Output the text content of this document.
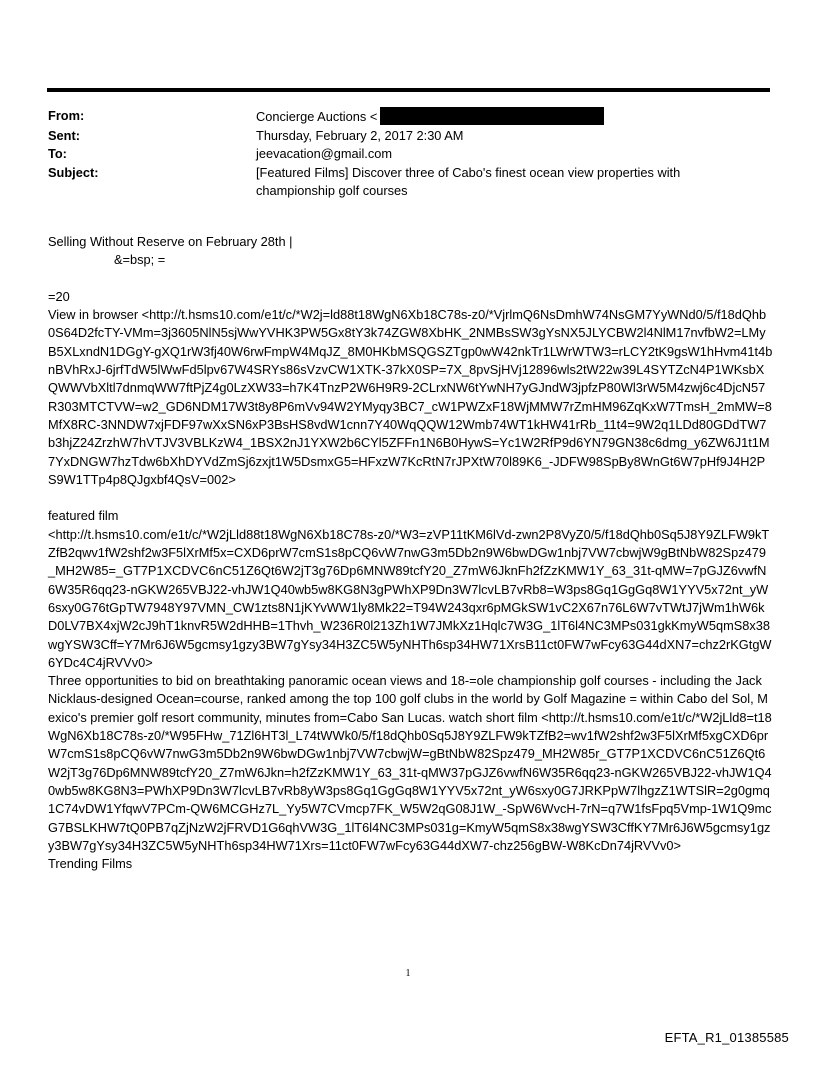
From:	Concierge Auctions <
Sent:	Thursday, February 2, 2017 2:30 AM
To:	jeevacation@gmail.com
Subject:	[Featured Films] Discover three of Cabo's finest ocean view properties with championship golf courses

Selling Without Reserve on February 28th |

&=bsp; =

=20

View in browser <http://t.hsms10.com/e1t/c/*W2j=ld88t18WgN6Xb18C78s-z0/*VjrlmQ6NsDmhW74NsGM7YyWNd0/5/f18dQhb0S64D2fcTY-VMm=3j3605NlN5sjWwYVHK3PW5Gx8tY3k74ZGW8XbHK_2NMBsSW3gYsNX5JLYCBW2l4NlM17nvfbW2=LMyB5XLxndN1DGgY-gXQ1rW3fj40W6rwFmpW4MqJZ_8M0HKbMSQGSZTgp0wW42nkTr1LWrWTW3=rLCY2tK9gsW1hHvm41t4bnBVhRxJ-6jrfTdW5lWwFd5lpv67W4SRYs86sVzvCW1XTK-37kX0SP=7X_8pvSjHVj12896wls2tW22w39L4SYTZcN4P1WKsbXQWWVbXltl7dnmqWW7ftPjZ4g0LzXW33=h7K4TnzP2W6H9R9-2CLrxNW6tYwNH7yGJndW3jpfzP80Wl3rW5M4zwj6c4DjcN57R303MTCTVW=w2_GD6NDM17W3t8y8P6mVv94W2YMyqy3BC7_cW1PWZxF18WjMMW7rZmHM96ZqKxW7TmsH_2mMW=8MfX8RC-3NNDW7xjFDF97wXxSN6xP3BsHS8vdW1cnn7Y40WqQQW12Wmb74WT1kHW41rRb_11t4=9W2q1LDd80GDdTW7b3hjZ24ZrzhW7hVTJV3VBLKzW4_1BSX2nJ1YXW2b6CYl5ZFFn1N6B0HywS=Yc1W2RfP9d6YN79GN38c6dmg_y6ZW6J1t1M7YxDNGW7hzTdw6bXhDYVdZmSj6zxjt1W5DsmxG5=HFxzW7KcRtN7rJPXtW70l89K6_-JDFW98SpBy8WnGt6W7pHf9J4H2PS9W1TTp4p8QJgxbf4QsV=002>

featured film

<http://t.hsms10.com/e1t/c/*W2jLld88t18WgN6Xb18C78s-z0/*W3=zVP11tKM6lVd-zwn2P8VyZ0/5/f18dQhb0Sq5J8Y9ZLFW9kTZfB2qwv1fW2shf2w3F5lXrMf5x=CXD6prW7cmS1s8pCQ6vW7nwG3m5Db2n9W6bwDGw1nbj7VW7cbwjW9gBtNbW82Spz479_MH2W85=_GT7P1XCDVC6nC51Z6Qt6W2jT3g76Dp6MNW89tcfY20_Z7mW6JknFh2fZzKMW1Y_63_31t-qMW=7pGJZ6vwfN6W35R6qq23-nGKW265VBJ22-vhJW1Q40wb5w8KG8N3gPWhXP9Dn3W7lcvLB7vRb8=W3ps8Gq1GgGq8W1YYV5x72nt_yW6sxy0G76tGpTW7948Y97VMN_CW1zts8N1jKYvWW1ly8Mk22=T94W243qxr6pMGkSW1vC2X67n76L6W7vTWtJ7jWm1hW6kD0LV7BX4xjW2cJ9hT1knvR5W2dHHB=1Thvh_W236R0l213Zh1W7JMkXz1Hqlc7W3G_1lT6l4NC3MPs031gkKmyW5qmS8x38wgYSW3Cff=Y7Mr6J6W5gcmsy1gzy3BW7gYsy34H3ZC5W5yNHTh6sp34HW71XrsB11ct0FW7wFcy63G44dXN7=chz2rKGtgW6YDc4C4jRVVv0>

Three opportunities to bid on breathtaking panoramic ocean views and 18-=ole championship golf courses - including the Jack Nicklaus-designed Ocean=course, ranked among the top 100 golf clubs in the world by Golf Magazine = within Cabo del Sol, Mexico's premier golf resort community, minutes from=Cabo San Lucas. watch short film <http://t.hsms10.com/e1t/c/*W2jLld8=t18WgN6Xb18C78s-z0/*W95FHw_71Zl6HT3l_L74tWWk0/5/f18dQhb0Sq5J8Y9ZLFW9kTZfB2=wv1fW2shf2w3F5lXrMf5xgCXD6prW7cmS1s8pCQ6vW7nwG3m5Db2n9W6bwDGw1nbj7VW7cbwjW=gBtNbW82Spz479_MH2W85r_GT7P1XCDVC6nC51Z6Qt6W2jT3g76Dp6MNW89tcfY20_Z7mW6Jkn=h2fZzKMW1Y_63_31t-qMW37pGJZ6vwfN6W35R6qq23-nGKW265VBJ22-vhJW1Q40wb5w8KG8N3=PWhXP9Dn3W7lcvLB7vRb8yW3ps8Gq1GgGq8W1YYV5x72nt_yW6sxy0G7JRKPpW7lhgzZ1WTSlR=2g0gmq1C74vDW1YfqwV7PCm-QW6MCGHz7L_Yy5W7CVmcp7FK_W5W2qG08J1W_-SpW6WvcH-7rN=q7W1fsFpq5Vmp-1W1Q9mcG7BSLKHW7tQ0PB7qZjNzW2jFRVD1G6qhVW3G_1lT6l4NC3MPs031g=KmyW5qmS8x38wgYSW3CffKY7Mr6J6W5gcmsy1gzy3BW7gYsy34H3ZC5W5yNHTh6sp34HW71Xrs=11ct0FW7wFcy63G44dXW7-chz256gBW-W8KcDn74jRVVv0>

Trending Films

1
EFTA_R1_01385585
